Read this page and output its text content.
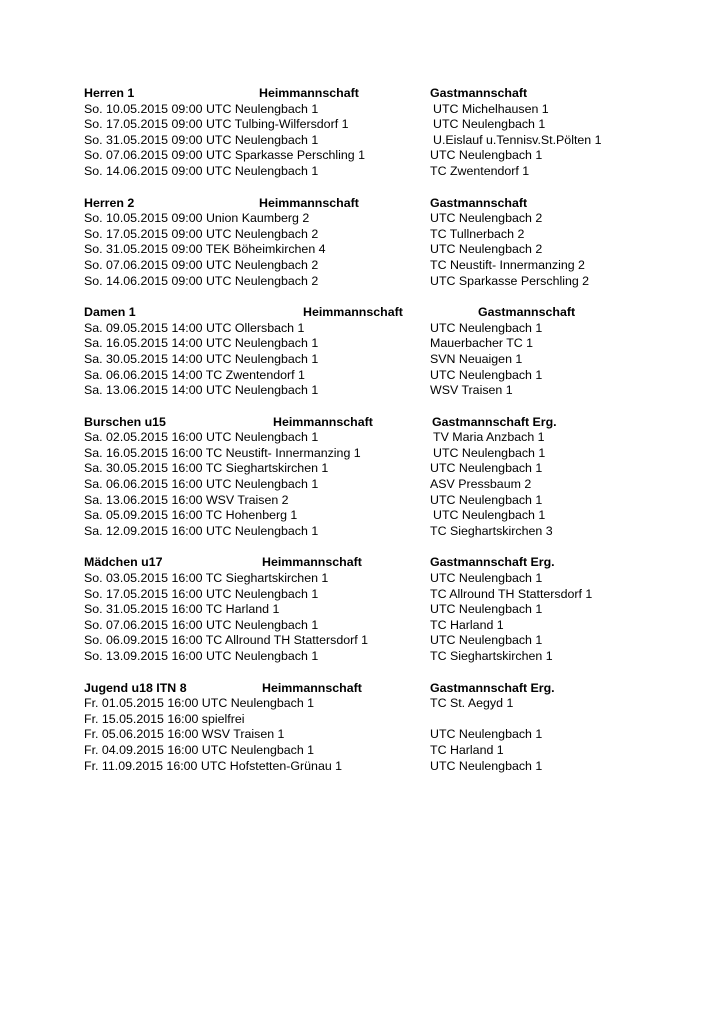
Herren 1	Heimmannschaft	Gastmannschaft
So. 10.05.2015 09:00 UTC Neulengbach 1	UTC Michelhausen 1
So. 17.05.2015 09:00 UTC Tulbing-Wilfersdorf 1	UTC Neulengbach 1
So. 31.05.2015 09:00 UTC Neulengbach 1	U.Eislauf u.Tennisv.St.Pölten 1
So. 07.06.2015 09:00 UTC Sparkasse Perschling 1	UTC Neulengbach 1
So. 14.06.2015 09:00 UTC Neulengbach 1	TC Zwentendorf 1
Herren 2	Heimmannschaft	Gastmannschaft
So. 10.05.2015 09:00 Union Kaumberg 2	UTC Neulengbach 2
So. 17.05.2015 09:00 UTC Neulengbach 2	TC Tullnerbach 2
So. 31.05.2015 09:00 TEK Böheimkirchen 4	UTC Neulengbach 2
So. 07.06.2015 09:00 UTC Neulengbach 2	TC Neustift- Innermanzing 2
So. 14.06.2015 09:00 UTC Neulengbach 2	UTC Sparkasse Perschling 2
Damen 1	Heimmannschaft	Gastmannschaft
Sa. 09.05.2015 14:00 UTC Ollersbach 1	UTC Neulengbach 1
Sa. 16.05.2015 14:00 UTC Neulengbach 1	Mauerbacher TC 1
Sa. 30.05.2015 14:00 UTC Neulengbach 1	SVN Neuaigen 1
Sa. 06.06.2015 14:00 TC Zwentendorf 1	UTC Neulengbach 1
Sa. 13.06.2015 14:00 UTC Neulengbach 1	WSV Traisen 1
Burschen u15	Heimmannschaft	Gastmannschaft Erg.
Sa. 02.05.2015 16:00 UTC Neulengbach 1	TV Maria Anzbach 1
Sa. 16.05.2015 16:00 TC Neustift- Innermanzing 1	UTC Neulengbach 1
Sa. 30.05.2015 16:00 TC Sieghartskirchen 1	UTC Neulengbach 1
Sa. 06.06.2015 16:00 UTC Neulengbach 1	ASV Pressbaum 2
Sa. 13.06.2015 16:00 WSV Traisen 2	UTC Neulengbach 1
Sa. 05.09.2015 16:00 TC Hohenberg 1	UTC Neulengbach 1
Sa. 12.09.2015 16:00 UTC Neulengbach 1	TC Sieghartskirchen 3
Mädchen u17	Heimmannschaft	Gastmannschaft Erg.
So. 03.05.2015 16:00 TC Sieghartskirchen 1	UTC Neulengbach 1
So. 17.05.2015 16:00 UTC Neulengbach 1	TC Allround TH Stattersdorf 1
So. 31.05.2015 16:00 TC Harland 1	UTC Neulengbach 1
So. 07.06.2015 16:00 UTC Neulengbach 1	TC Harland 1
So. 06.09.2015 16:00 TC Allround TH Stattersdorf 1	UTC Neulengbach 1
So. 13.09.2015 16:00 UTC Neulengbach 1	TC Sieghartskirchen 1
Jugend u18 ITN 8	Heimmannschaft	Gastmannschaft Erg.
Fr. 01.05.2015 16:00 UTC Neulengbach 1	TC St. Aegyd 1
Fr. 15.05.2015 16:00 spielfrei
Fr. 05.06.2015 16:00 WSV Traisen 1	UTC Neulengbach 1
Fr. 04.09.2015 16:00 UTC Neulengbach 1	TC Harland 1
Fr. 11.09.2015 16:00 UTC Hofstetten-Grünau 1	UTC Neulengbach 1
